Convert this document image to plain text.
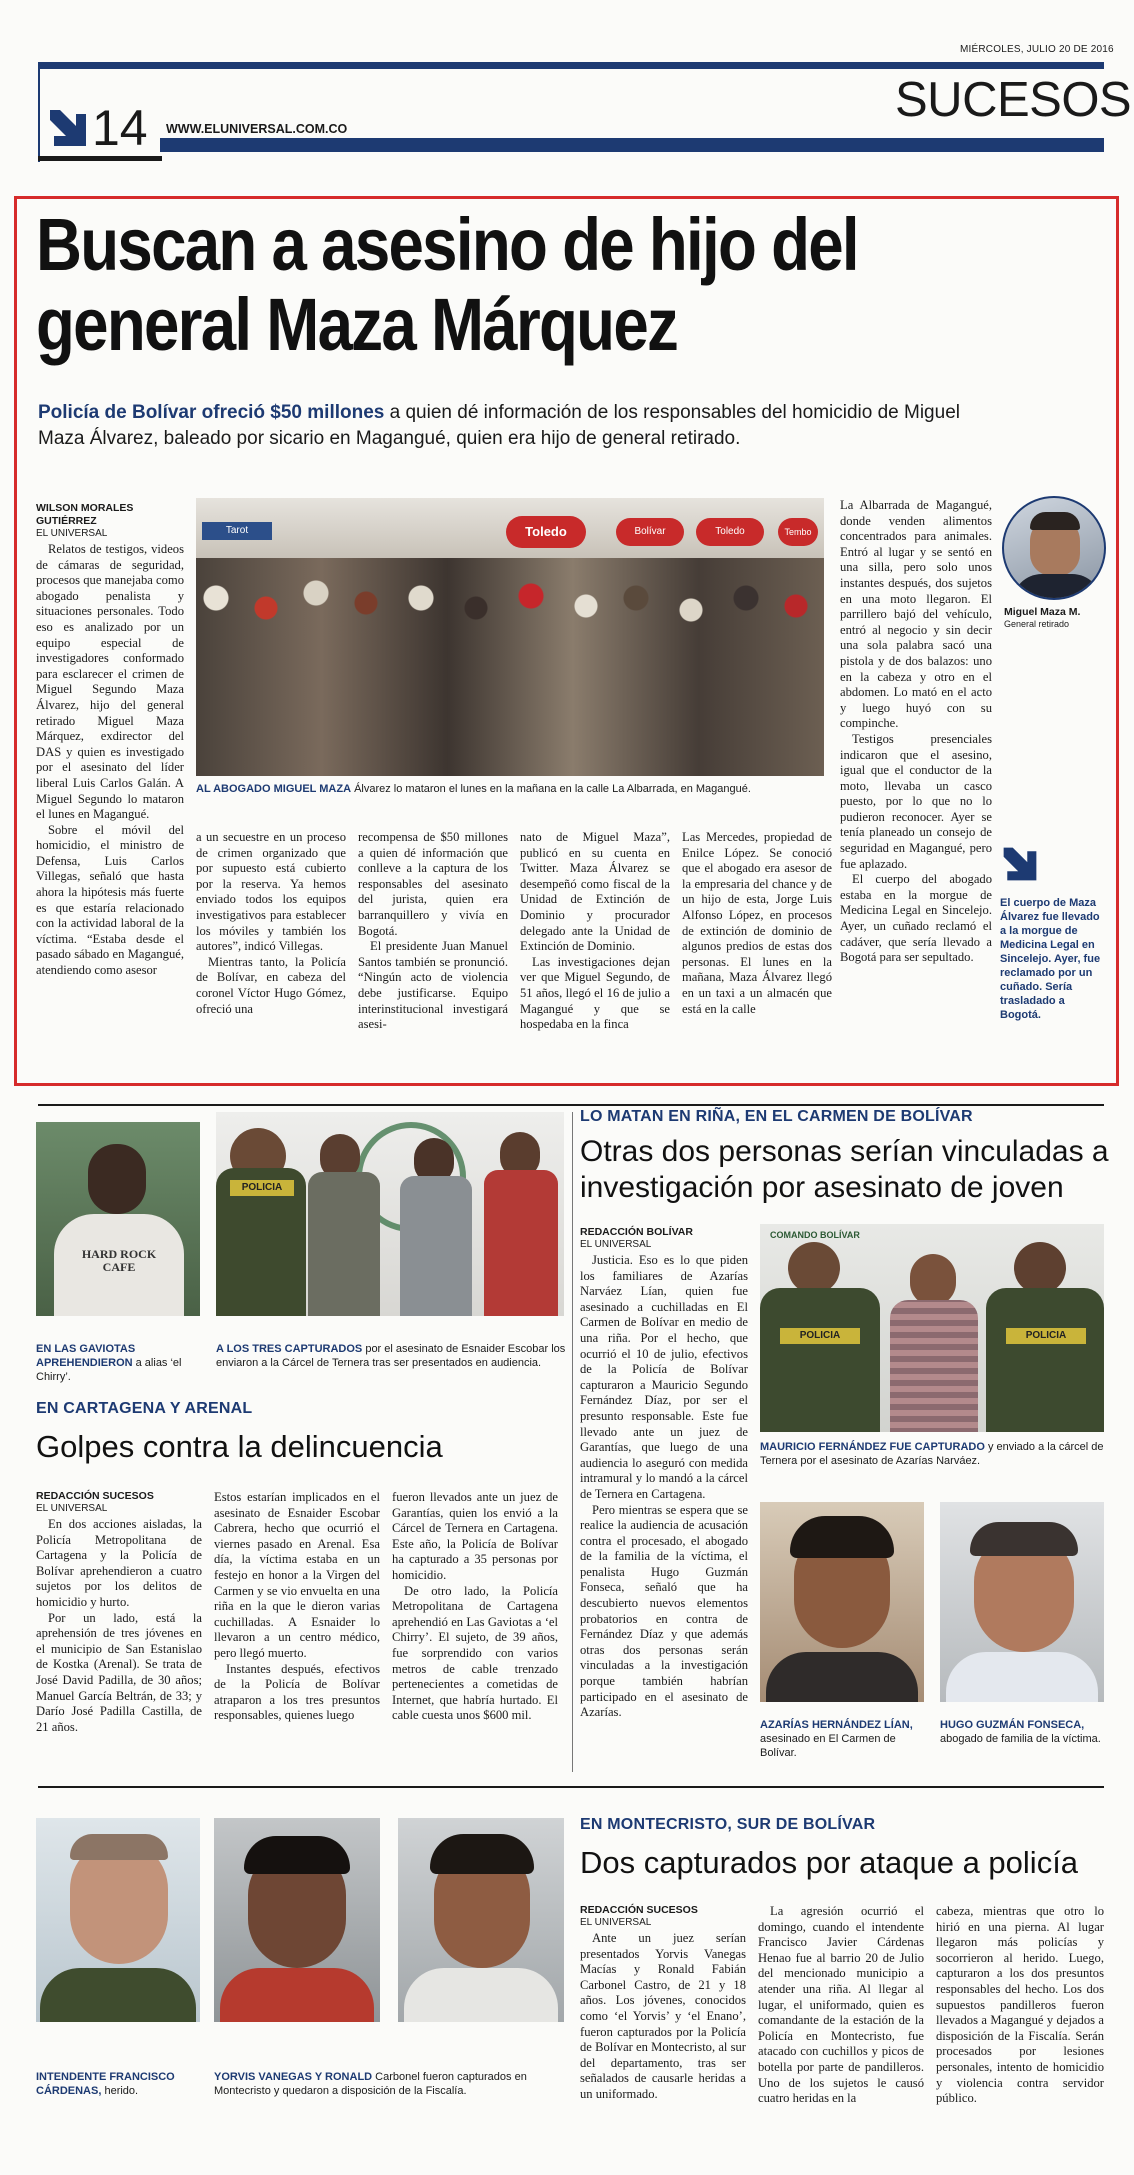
MIÉRCOLES, JULIO 20 DE 2016
14 WWW.ELUNIVERSAL.COM.CO
SUCESOS
Buscan a asesino de hijo del general Maza Márquez
Policía de Bolívar ofreció $50 millones a quien dé información de los responsables del homicidio de Miguel Maza Álvarez, baleado por sicario en Magangué, quien era hijo de general retirado.
WILSON MORALES GUTIÉRREZ
EL UNIVERSAL

Relatos de testigos, videos de cámaras de seguridad, procesos que manejaba como abogado penalista y situaciones personales. Todo eso es analizado por un equipo especial de investigadores conformado para esclarecer el crimen de Miguel Segundo Maza Álvarez, hijo del general retirado Miguel Maza Márquez, exdirector del DAS y quien es investigado por el asesinato del líder liberal Luis Carlos Galán. A Miguel Segundo lo mataron el lunes en Magangué.

Sobre el móvil del homicidio, el ministro de Defensa, Luis Carlos Villegas, señaló que hasta ahora la hipótesis más fuerte es que estaría relacionado con la actividad laboral de la víctima. “Estaba desde el pasado sábado en Magangué, atendiendo como asesor

Toledo	Bolívar	Toledo	Tembo
Tarot
AL ABOGADO MIGUEL MAZA Álvarez lo mataron el lunes en la mañana en la calle La Albarrada, en Magangué.

a un secuestre en un proceso de crimen organizado que por supuesto está cubierto por la reserva. Ya hemos enviado todos los equipos investigativos para establecer los móviles y también los autores”, indicó Villegas.

Mientras tanto, la Policía de Bolívar, en cabeza del coronel Víctor Hugo Gómez, ofreció una

recompensa de $50 millones a quien dé información que conlleve a la captura de los responsables del asesinato del jurista, quien era barranquillero y vivía en Bogotá.

El presidente Juan Manuel Santos también se pronunció. “Ningún acto de violencia debe justificarse. Equipo interinstitucional investigará asesi-

nato de Miguel Maza”, publicó en su cuenta en Twitter. Maza Álvarez se desempeñó como fiscal de la Unidad de Extinción de Dominio y procurador delegado ante la Unidad de Extinción de Dominio.

Las investigaciones dejan ver que Miguel Segundo, de 51 años, llegó el 16 de julio a Magangué y que se hospedaba en la finca

Las Mercedes, propiedad de Enilce López. Se conoció que el abogado era asesor de la empresaria del chance y de un hijo de esta, Jorge Luis Alfonso López, en procesos de extinción de dominio de algunos predios de estas dos personas. El lunes en la mañana, Maza Álvarez llegó en un taxi a un almacén que está en la calle

La Albarrada de Magangué, donde venden alimentos concentrados para animales. Entró al lugar y se sentó en una silla, pero solo unos instantes después, dos sujetos en una moto llegaron. El parrillero bajó del vehículo, entró al negocio y sin decir una sola palabra sacó una pistola y de dos balazos: uno en la cabeza y otro en el abdomen. Lo mató en el acto y luego huyó con su compinche.

Testigos presenciales indicaron que el asesino, igual que el conductor de la moto, llevaba un casco puesto, por lo que no lo pudieron reconocer. Ayer se tenía planeado un consejo de seguridad en Magangué, pero fue aplazado.

El cuerpo del abogado estaba en la morgue de Medicina Legal en Sincelejo. Ayer, un cuñado reclamó el cadáver, que sería llevado a Bogotá para ser sepultado.

Miguel Maza M.
General retirado
El cuerpo de Maza Álvarez fue llevado a la morgue de Medicina Legal en Sincelejo. Ayer, fue reclamado por un cuñado. Sería trasladado a Bogotá.
HARD ROCK CAFE
EN LAS GAVIOTAS APREHENDIERON a alias ‘el Chirry’.
POLICIA
A LOS TRES CAPTURADOS por el asesinato de Esnaider Escobar los enviaron a la Cárcel de Ternera tras ser presentados en audiencia.
EN CARTAGENA Y ARENAL
Golpes contra la delincuencia
REDACCIÓN SUCESOS
EL UNIVERSAL

En dos acciones aisladas, la Policía Metropolitana de Cartagena y la Policía de Bolívar aprehendieron a cuatro sujetos por los delitos de homicidio y hurto.

Por un lado, está la aprehensión de tres jóvenes en el municipio de San Estanislao de Kostka (Arenal). Se trata de José David Padilla, de 30 años; Manuel García Beltrán, de 33; y Darío José Padilla Castilla, de 21 años.

Estos estarían implicados en el asesinato de Esnaider Escobar Cabrera, hecho que ocurrió el viernes pasado en Arenal. Esa día, la víctima estaba en un festejo en honor a la Virgen del Carmen y se vio envuelta en una riña en la que le dieron varias cuchilladas. A Esnaider lo llevaron a un centro médico, pero llegó muerto.

Instantes después, efectivos de la Policía de Bolívar atraparon a los tres presuntos responsables, quienes luego

fueron llevados ante un juez de Garantías, quien los envió a la Cárcel de Ternera en Cartagena. Este año, la Policía de Bolívar ha capturado a 35 personas por homicidio.

De otro lado, la Policía Metropolitana de Cartagena aprehendió en Las Gaviotas a ‘el Chirry’. El sujeto, de 39 años, fue sorprendido con varios metros de cable trenzado pertenecientes a cometidas de Internet, que habría hurtado. El cable cuesta unos $600 mil.

LO MATAN EN RIÑA, EN EL CARMEN DE BOLÍVAR
Otras dos personas serían vinculadas a investigación por asesinato de joven
REDACCIÓN BOLÍVAR
EL UNIVERSAL

Justicia. Eso es lo que piden los familiares de Azarías Narváez Lían, quien fue asesinado a cuchilladas en El Carmen de Bolívar en medio de una riña. Por el hecho, que ocurrió el 10 de julio, efectivos de la Policía de Bolívar capturaron a Mauricio Segundo Fernández Díaz, por ser el presunto responsable. Este fue llevado ante un juez de Garantías, que luego de una audiencia lo aseguró con medida intramural y lo mandó a la cárcel de Ternera en Cartagena.

Pero mientras se espera que se realice la audiencia de acusación contra el procesado, el abogado de la familia de la víctima, el penalista Hugo Guzmán Fonseca, señaló que ha descubierto nuevos elementos probatorios en contra de Fernández Díaz y que además otras dos personas serán vinculadas a la investigación porque también habrían participado en el asesinato de Azarías.

COMANDO BOLÍVAR
POLICIA	POLICIA
MAURICIO FERNÁNDEZ FUE CAPTURADO y enviado a la cárcel de Ternera por el asesinato de Azarías Narváez.
AZARÍAS HERNÁNDEZ LÍAN, asesinado en El Carmen de Bolívar.
HUGO GUZMÁN FONSECA, abogado de familia de la víctima.
INTENDENTE FRANCISCO CÁRDENAS, herido.
YORVIS VANEGAS Y RONALD Carbonel fueron capturados en Montecristo y quedaron a disposición de la Fiscalía.
EN MONTECRISTO, SUR DE BOLÍVAR
Dos capturados por ataque a policía
REDACCIÓN SUCESOS
EL UNIVERSAL

Ante un juez serían presentados Yorvis Vanegas Macías y Ronald Fabián Carbonel Castro, de 21 y 18 años. Los jóvenes, conocidos como ‘el Yorvis’ y ‘el Enano’, fueron capturados por la Policía de Bolívar en Montecristo, al sur del departamento, tras ser señalados de causarle heridas a un uniformado.

La agresión ocurrió el domingo, cuando el intendente Francisco Javier Cárdenas Henao fue al barrio 20 de Julio del mencionado municipio a atender una riña. Al llegar al lugar, el uniformado, quien es comandante de la estación de la Policía en Montecristo, fue atacado con cuchillos y picos de botella por parte de pandilleros. Uno de los sujetos le causó cuatro heridas en la

cabeza, mientras que otro lo hirió en una pierna. Al lugar llegaron más policías y socorrieron al herido. Luego, capturaron a los dos presuntos responsables del hecho. Los dos supuestos pandilleros fueron llevados a Magangué y dejados a disposición de la Fiscalía. Serán procesados por lesiones personales, intento de homicidio y violencia contra servidor público.
